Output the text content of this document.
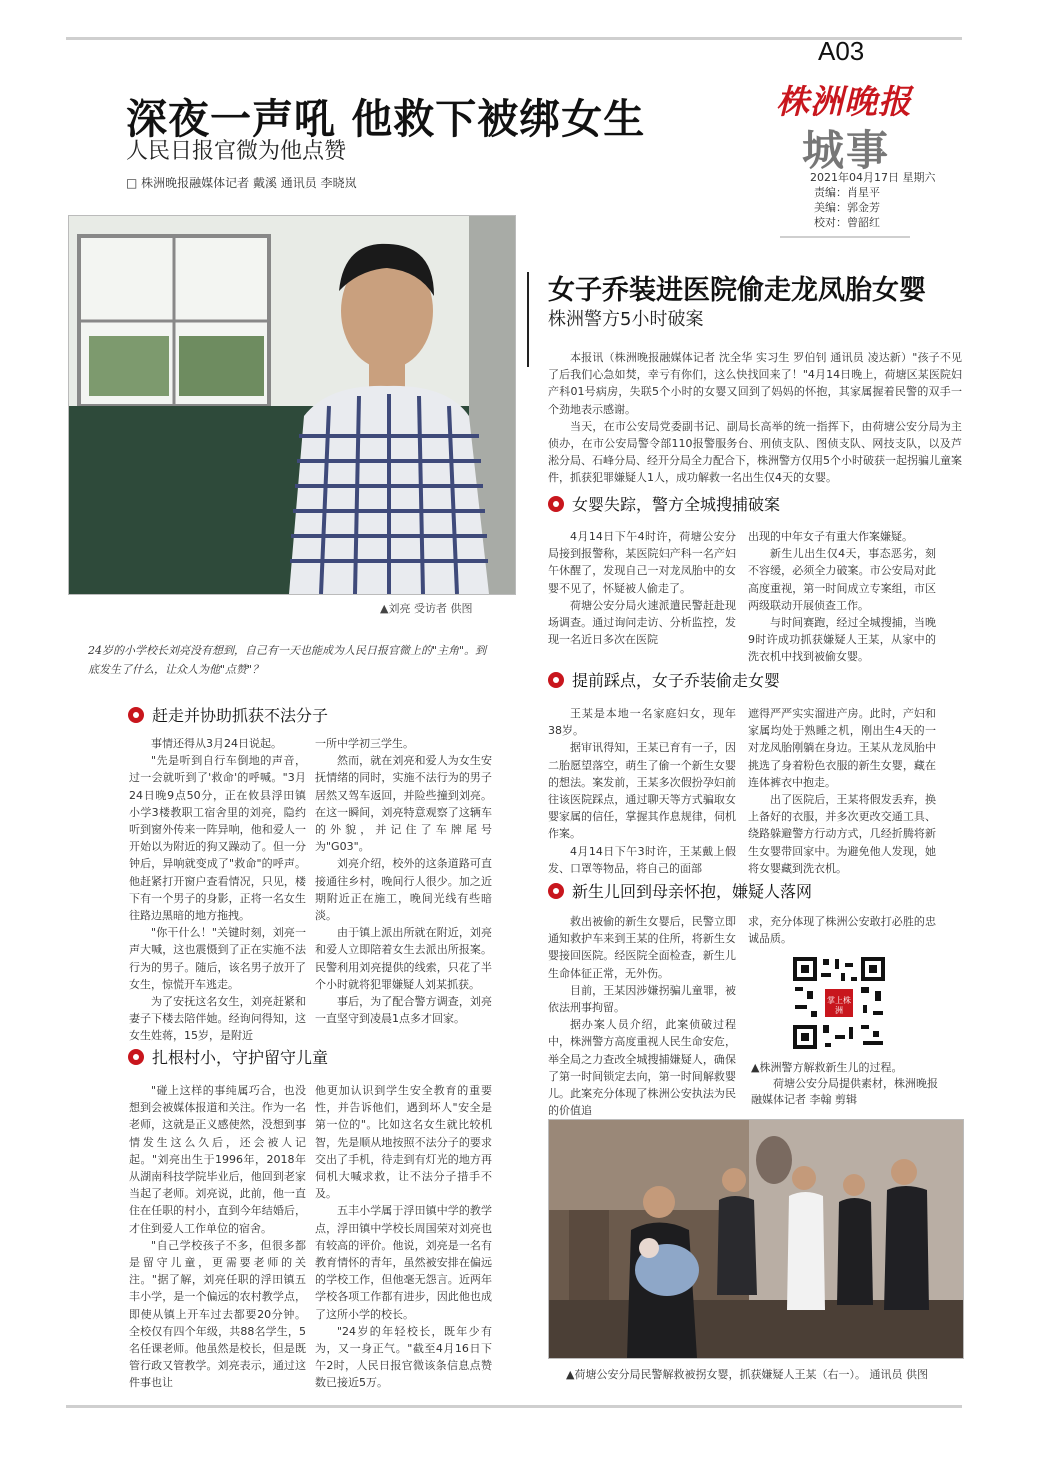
A03
株洲晚报
城事
2021年04月17日 星期六
责编：肖星平
美编：郭金芳
校对：曾韶红
深夜一声吼 他救下被绑女生
人民日报官微为他点赞
□ 株洲晚报融媒体记者 戴溪 通讯员 李晓岚
▲刘亮 受访者 供图
24岁的小学校长刘亮没有想到，自己有一天也能成为人民日报官微上的"主角"。到底发生了什么，让众人为他"点赞"？
赶走并协助抓获不法分子

事情还得从3月24日说起。

"先是听到自行车倒地的声音，过一会就听到了'救命'的呼喊。"3月24日晚9点50分，正在攸县浮田镇小学3楼教职工宿舍里的刘亮，隐约听到窗外传来一阵异响，他和爱人一开始以为附近的狗又躁动了。但一分钟后，异响就变成了"救命"的呼声。他赶紧打开窗户查看情况，只见，楼下有一个男子的身影，正将一名女生往路边黑暗的地方拖拽。

"你干什么！"关键时刻，刘亮一声大喊，这也震慑到了正在实施不法行为的男子。随后，该名男子放开了女生，惊慌开车逃走。

为了安抚这名女生，刘亮赶紧和妻子下楼去陪伴她。经询问得知，这女生姓蒋，15岁，是附近

一所中学初三学生。

然而，就在刘亮和爱人为女生安抚情绪的同时，实施不法行为的男子居然又驾车返回，并险些撞到刘亮。在这一瞬间，刘亮特意观察了这辆车的外貌，并记住了车牌尾号为"G03"。

刘亮介绍，校外的这条道路可直接通往乡村，晚间行人很少。加之近期附近正在施工，晚间光线有些暗淡。

由于镇上派出所就在附近，刘亮和爱人立即陪着女生去派出所报案。民警利用刘亮提供的线索，只花了半个小时就将犯罪嫌疑人刘某抓获。

事后，为了配合警方调查，刘亮一直坚守到凌晨1点多才回家。

扎根村小，守护留守儿童

"碰上这样的事纯属巧合，也没想到会被媒体报道和关注。作为一名老师，这就是正义感使然，没想到事情发生这么久后，还会被人记起。"刘亮出生于1996年，2018年从湖南科技学院毕业后，他回到老家当起了老师。刘亮说，此前，他一直住在任职的村小，直到今年结婚后，才住到爱人工作单位的宿舍。

"自己学校孩子不多，但很多都是留守儿童，更需要老师的关注。"据了解，刘亮任职的浮田镇五丰小学，是一个偏远的农村教学点，即使从镇上开车过去都要20分钟。全校仅有四个年级，共88名学生，5名任课老师。他虽然是校长，但是既管行政又管教学。刘亮表示，通过这件事也让

他更加认识到学生安全教育的重要性，并告诉他们，遇到坏人"安全是第一位的"。比如这名女生就比较机智，先是顺从地按照不法分子的要求交出了手机，待走到有灯光的地方再伺机大喊求救，让不法分子措手不及。

五丰小学属于浮田镇中学的教学点，浮田镇中学校长周国荣对刘亮也有较高的评价。他说，刘亮是一名有教育情怀的青年，虽然被安排在偏远的学校工作，但他毫无怨言。近两年学校各项工作都有进步，因此他也成了这所小学的校长。

"24岁的年轻校长，既年少有为，又一身正气。"截至4月16日下午2时，人民日报官微该条信息点赞数已接近5万。

女子乔装进医院偷走龙凤胎女婴
株洲警方5小时破案

本报讯（株洲晚报融媒体记者 沈全华 实习生 罗伯钊 通讯员 凌达新）"孩子不见了后我们心急如焚，幸亏有你们，这么快找回来了！"4月14日晚上，荷塘区某医院妇产科01号病房，失联5个小时的女婴又回到了妈妈的怀抱，其家属握着民警的双手一个劲地表示感谢。

当天，在市公安局党委副书记、副局长高举的统一指挥下，由荷塘公安分局为主侦办，在市公安局警令部110报警服务台、刑侦支队、图侦支队、网技支队，以及芦淞分局、石峰分局、经开分局全力配合下，株洲警方仅用5个小时破获一起拐骗儿童案件，抓获犯罪嫌疑人1人，成功解救一名出生仅4天的女婴。

女婴失踪，警方全城搜捕破案

4月14日下午4时许，荷塘公安分局接到报警称，某医院妇产科一名产妇午休醒了，发现自己一对龙凤胎中的女婴不见了，怀疑被人偷走了。

荷塘公安分局火速派遣民警赶赴现场调查。通过询问走访、分析监控，发现一名近日多次在医院

出现的中年女子有重大作案嫌疑。

新生儿出生仅4天，事态恶劣，刻不容缓，必须全力破案。市公安局对此高度重视，第一时间成立专案组，市区两级联动开展侦查工作。

与时间赛跑，经过全城搜捕，当晚9时许成功抓获嫌疑人王某，从家中的洗衣机中找到被偷女婴。

提前踩点，女子乔装偷走女婴

王某是本地一名家庭妇女，现年38岁。

据审讯得知，王某已育有一子，因二胎愿望落空，萌生了偷一个新生女婴的想法。案发前，王某多次假扮孕妇前往该医院踩点，通过聊天等方式骗取女婴家属的信任，掌握其作息规律，伺机作案。

4月14日下午3时许，王某戴上假发、口罩等物品，将自己的面部

遮得严严实实溜进产房。此时，产妇和家属均处于熟睡之机，刚出生4天的一对龙凤胎刚躺在身边。王某从龙凤胎中挑选了身着粉色衣服的新生女婴，藏在连体裤衣中抱走。

出了医院后，王某将假发丢弃，换上备好的衣服，并多次更改交通工具、绕路躲避警方行动方式，几经折腾将新生女婴带回家中。为避免他人发现，她将女婴藏到洗衣机。

新生儿回到母亲怀抱，嫌疑人落网

救出被偷的新生女婴后，民警立即通知救护车来到王某的住所，将新生女婴接回医院。经医院全面检查，新生儿生命体征正常，无外伤。

目前，王某因涉嫌拐骗儿童罪，被依法刑事拘留。

据办案人员介绍，此案侦破过程中，株洲警方高度重视人民生命安危，举全局之力查改全城搜捕嫌疑人，确保了第一时间锁定去向，第一时间解救婴儿。此案充分体现了株洲公安执法为民的价值追

求，充分体现了株洲公安敢打必胜的忠诚品质。

掌上株洲
▲株洲警方解救新生儿的过程。
荷塘公安分局提供素材，株洲晚报融媒体记者 李翰 剪辑
▲荷塘公安分局民警解救被拐女婴，抓获嫌疑人王某（右一）。 通讯员 供图
